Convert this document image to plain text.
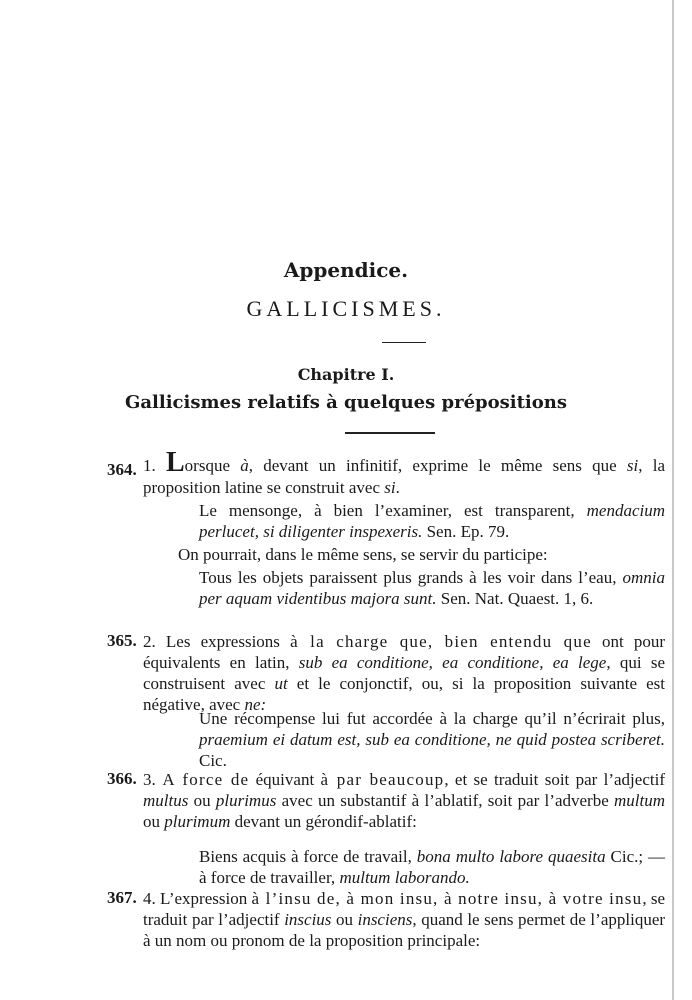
Appendice.
GALLICISMES.
Chapitre I.
Gallicismes relatifs à quelques prépositions
364. 1. Lorsque à, devant un infinitif, exprime le même sens que si, la proposition latine se construit avec si.
Le mensonge, à bien l’examiner, est transparent, mendacium perlucet, si diligenter inspexeris. Sen. Ep. 79.
On pourrait, dans le même sens, se servir du participe:
Tous les objets paraissent plus grands à les voir dans l’eau, omnia per aquam videntibus majora sunt. Sen. Nat. Quaest. 1, 6.
365. 2. Les expressions à la charge que, bien entendu que ont pour équivalents en latin, sub ea conditione, ea conditione, ea lege, qui se construisent avec ut et le conjonctif, ou, si la proposition suivante est négative, avec ne:
Une récompense lui fut accordée à la charge qu’il n’écrirait plus, praemium ei datum est, sub ea conditione, ne quid postea scriberet. Cic.
366. 3. A force de équivant à par beaucoup, et se traduit soit par l’adjectif multus ou plurimus avec un substantif à l’ablatif, soit par l’adverbe multum ou plurimum devant un gérondif-ablatif:
Biens acquis à force de travail, bona multo labore quaesita Cic.; — à force de travailler, multum laborando.
367. 4. L’expression à l’insu de, à mon insu, à notre insu, à votre insu, se traduit par l’adjectif inscius ou insciens, quand le sens permet de l’appliquer à un nom ou pronom de la proposition principale:
